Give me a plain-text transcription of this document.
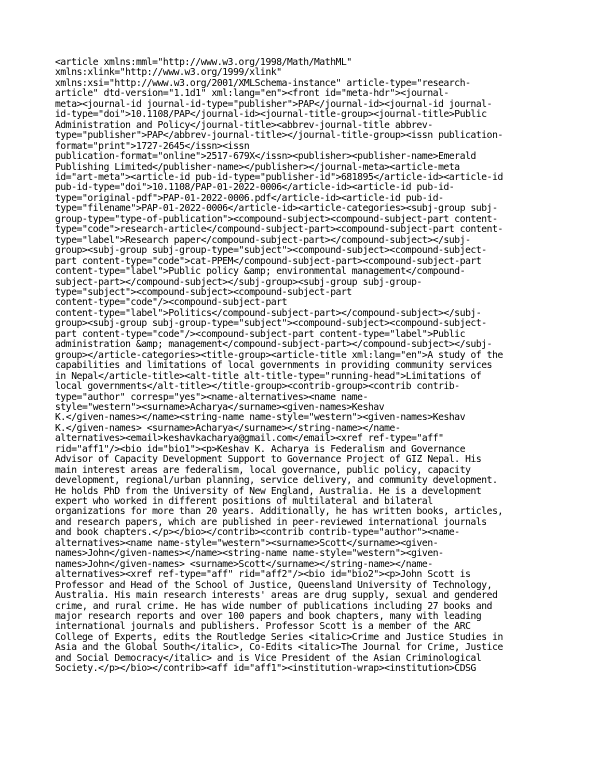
<article xmlns:mml="http://www.w3.org/1998/Math/MathML"
xmlns:xlink="http://www.w3.org/1999/xlink"
xmlns:xsi="http://www.w3.org/2001/XMLSchema-instance" article-type="research-
article" dtd-version="1.1d1" xml:lang="en"><front id="meta-hdr"><journal-
meta><journal-id journal-id-type="publisher">PAP</journal-id><journal-id journal-
id-type="doi">10.1108/PAP</journal-id><journal-title-group><journal-title>Public
Administration and Policy</journal-title><abbrev-journal-title abbrev-
type="publisher">PAP</abbrev-journal-title></journal-title-group><issn publication-
format="print">1727-2645</issn><issn
publication-format="online">2517-679X</issn><publisher><publisher-name>Emerald
Publishing Limited</publisher-name></publisher></journal-meta><article-meta
id="art-meta"><article-id pub-id-type="publisher-id">681895</article-id><article-id
pub-id-type="doi">10.1108/PAP-01-2022-0006</article-id><article-id pub-id-
type="original-pdf">PAP-01-2022-0006.pdf</article-id><article-id pub-id-
type="filename">PAP-01-2022-0006</article-id><article-categories><subj-group subj-
group-type="type-of-publication"><compound-subject><compound-subject-part content-
type="code">research-article</compound-subject-part><compound-subject-part content-
type="label">Research paper</compound-subject-part></compound-subject></subj-
group><subj-group subj-group-type="subject"><compound-subject><compound-subject-
part content-type="code">cat-PPEM</compound-subject-part><compound-subject-part
content-type="label">Public policy &amp; environmental management</compound-
subject-part></compound-subject></subj-group><subj-group subj-group-
type="subject"><compound-subject><compound-subject-part
content-type="code"/><compound-subject-part
content-type="label">Politics</compound-subject-part></compound-subject></subj-
group><subj-group subj-group-type="subject"><compound-subject><compound-subject-
part content-type="code"/><compound-subject-part content-type="label">Public
administration &amp; management</compound-subject-part></compound-subject></subj-
group></article-categories><title-group><article-title xml:lang="en">A study of the
capabilities and limitations of local governments in providing community services
in Nepal</article-title><alt-title alt-title-type="running-head">Limitations of
local governments</alt-title></title-group><contrib-group><contrib contrib-
type="author" corresp="yes"><name-alternatives><name name-
style="western"><surname>Acharya</surname><given-names>Keshav
K.</given-names></name><string-name name-style="western"><given-names>Keshav
K.</given-names> <surname>Acharya</surname></string-name></name-
alternatives><email>keshavkacharya@gmail.com</email><xref ref-type="aff"
rid="aff1"/><bio id="bio1"><p>Keshav K. Acharya is Federalism and Governance
Advisor of Capacity Development Support to Governance Project of GIZ Nepal. His
main interest areas are federalism, local governance, public policy, capacity
development, regional/urban planning, service delivery, and community development.
He holds PhD from the University of New England, Australia. He is a development
expert who worked in different positions of multilateral and bilateral
organizations for more than 20 years. Additionally, he has written books, articles,
and research papers, which are published in peer-reviewed international journals
and book chapters.</p></bio></contrib><contrib contrib-type="author"><name-
alternatives><name name-style="western"><surname>Scott</surname><given-
names>John</given-names></name><string-name name-style="western"><given-
names>John</given-names> <surname>Scott</surname></string-name></name-
alternatives><xref ref-type="aff" rid="aff2"/><bio id="bio2"><p>John Scott is
Professor and Head of the School of Justice, Queensland University of Technology,
Australia. His main research interests' areas are drug supply, sexual and gendered
crime, and rural crime. He has wide number of publications including 27 books and
major research reports and over 100 papers and book chapters, many with leading
international journals and publishers. Professor Scott is a member of the ARC
College of Experts, edits the Routledge Series <italic>Crime and Justice Studies in
Asia and the Global South</italic>, Co-Edits <italic>The Journal for Crime, Justice
and Social Democracy</italic> and is Vice President of the Asian Criminological
Society.</p></bio></contrib><aff id="aff1"><institution-wrap><institution>CDSG
